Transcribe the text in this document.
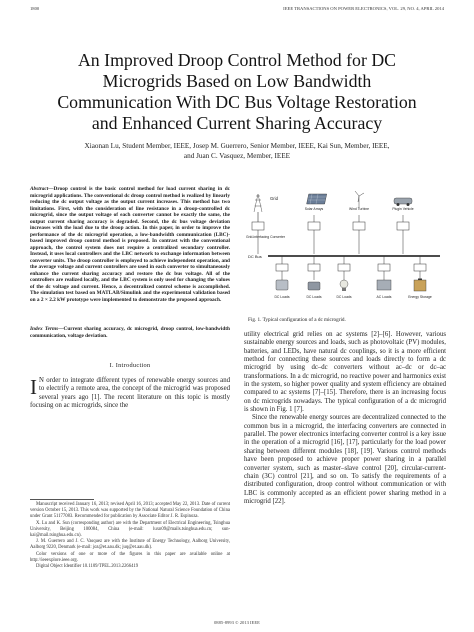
1800	IEEE TRANSACTIONS ON POWER ELECTRONICS, VOL. 29, NO. 4, APRIL 2014
An Improved Droop Control Method for DC
Microgrids Based on Low Bandwidth
Communication With DC Bus Voltage Restoration
and Enhanced Current Sharing Accuracy
Xiaonan Lu, Student Member, IEEE, Josep M. Guerrero, Senior Member, IEEE, Kai Sun, Member, IEEE,
and Juan C. Vasquez, Member, IEEE
Abstract—Droop control is the basic control method for load current sharing in dc microgrid applications. The conventional dc droop control method is realized by linearly reducing the dc output voltage as the output current increases. This method has two limitations. First, with the consideration of line resistance in a droop-controlled dc microgrid, since the output voltage of each converter cannot be exactly the same, the output current sharing accuracy is degraded. Second, the dc bus voltage deviation increases with the load due to the droop action. In this paper, in order to improve the performance of the dc microgrid operation, a low-bandwidth communication (LBC)-based improved droop control method is proposed. In contrast with the conventional approach, the control system does not require a centralized secondary controller. Instead, it uses local controllers and the LBC network to exchange information between converter units. The droop controller is employed to achieve independent operation, and the average voltage and current controllers are used in each converter to simultaneously enhance the current sharing accuracy and restore the dc bus voltage. All of the controllers are realized locally, and the LBC system is only used for changing the values of the dc voltage and current. Hence, a decentralized control scheme is accomplished. The simulation test based on MATLAB/Simulink and the experimental validation based on a 2 × 2.2 kW prototype were implemented to demonstrate the proposed approach.
Index Terms—Current sharing accuracy, dc microgrid, droop control, low-bandwidth communication, voltage deviation.
I. Introduction
I N order to integrate different types of renewable energy sources and to electrify a remote area, the concept of the microgrid was proposed several years ago [1]. The recent literature on this topic is mostly focusing on ac microgrids, since the

Manuscript received January 16, 2013; revised April 16, 2013; accepted May 22, 2013. Date of current version October 15, 2013. This work was supported by the National Natural Science Foundation of China under Grant 51177083. Recommended for publication by Associate Editor J. R. Espinoza.

X. Lu and K. Sun (corresponding author) are with the Department of Electrical Engineering, Tsinghua University, Beijing 100084, China (e-mail: luxn09@mails.tsinghua.edu.cn; sun-kai@mail.tsinghua.edu.cn).

J. M. Guerrero and J. C. Vasquez are with the Institute of Energy Technology, Aalborg University, Aalborg 9220, Denmark (e-mail: joz@et.aau.dk; juq@et.aau.dk).

Color versions of one or more of the figures in this paper are available online at http://ieeexplore.ieee.org.

Digital Object Identifier 10.1109/TPEL.2013.2266419

Grid
Solar Arrays	Wind Turbine	Plugin Vehicle
Grid-interfacing Converter
DC Bus
DC Loads	DC Loads	DC Loads	AC Loads	Energy Storage
Fig. 1. Typical configuration of a dc microgrid.

utility electrical grid relies on ac systems [2]–[6]. However, various sustainable energy sources and loads, such as photovoltaic (PV) modules, batteries, and LEDs, have natural dc couplings, so it is a more efficient method for connecting these sources and loads directly to form a dc microgrid by using dc–dc converters without ac–dc or dc–ac transformations. In a dc microgrid, no reactive power and harmonics exist in the system, so higher power quality and system efficiency are obtained compared to ac systems [7]–[15]. Therefore, there is an increasing focus on dc microgrids nowadays. The typical configuration of a dc microgrid is shown in Fig. 1 [7].

Since the renewable energy sources are decentralized connected to the common bus in a microgrid, the interfacing converters are connected in parallel. The power electronics interfacing converter control is a key issue in the operation of a microgrid [16], [17], particularly for the load power sharing between different modules [18], [19]. Various control methods have been proposed to achieve proper power sharing in a parallel converter system, such as master–slave control [20], circular-current-chain (3C) control [21], and so on. To satisfy the requirements of a distributed configuration, droop control without communication or with LBC is commonly accepted as an efficient power sharing method in a microgrid [22].

0885-8993 © 2013 IEEE
